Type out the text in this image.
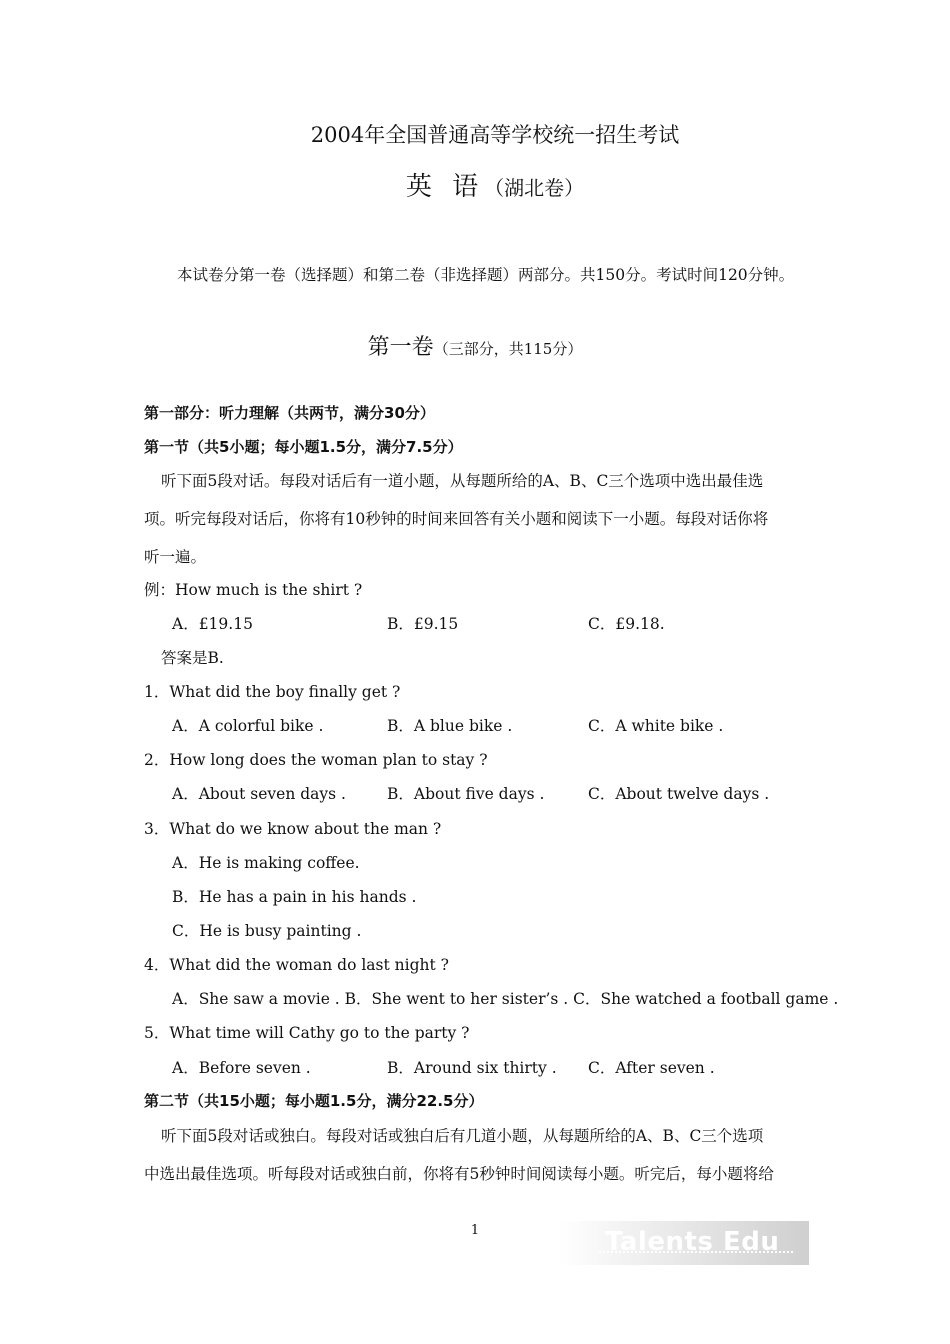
2004年全国普通高等学校统一招生考试
英 语（湖北卷）
本试卷分第一卷（选择题）和第二卷（非选择题）两部分。共150分。考试时间120分钟。
第一卷（三部分，共115分）
第一部分：听力理解（共两节，满分30分）
第一节（共5小题；每小题1.5分，满分7.5分）
听下面5段对话。每段对话后有一道小题，从每题所给的A、B、C三个选项中选出最佳选
项。听完每段对话后，你将有10秒钟的时间来回答有关小题和阅读下一小题。每段对话你将
听一遍。
例：How much is the shirt ?
A．£19.15	B．£9.15	C．£9.18.
答案是B.
1．What did the boy finally get ?
A．A colorful bike .	B．A blue bike .	C．A white bike .
2．How long does the woman plan to stay ?
A．About seven days .	B．About five days .	C．About twelve days .
3．What do we know about the man ?
A．He is making coffee.
B．He has a pain in his hands .
C．He is busy painting .
4．What did the woman do last night ?
A．She saw a movie . B．She went to her sister’s . C．She watched a football game .
5．What time will Cathy go to the party ?
A．Before seven .	B．Around six thirty . C．After seven .
第二节（共15小题；每小题1.5分，满分22.5分）
听下面5段对话或独白。每段对话或独白后有几道小题，从每题所给的A、B、C三个选项
中选出最佳选项。听每段对话或独白前，你将有5秒钟时间阅读每小题。听完后，每小题将给
1	Talents Edu
